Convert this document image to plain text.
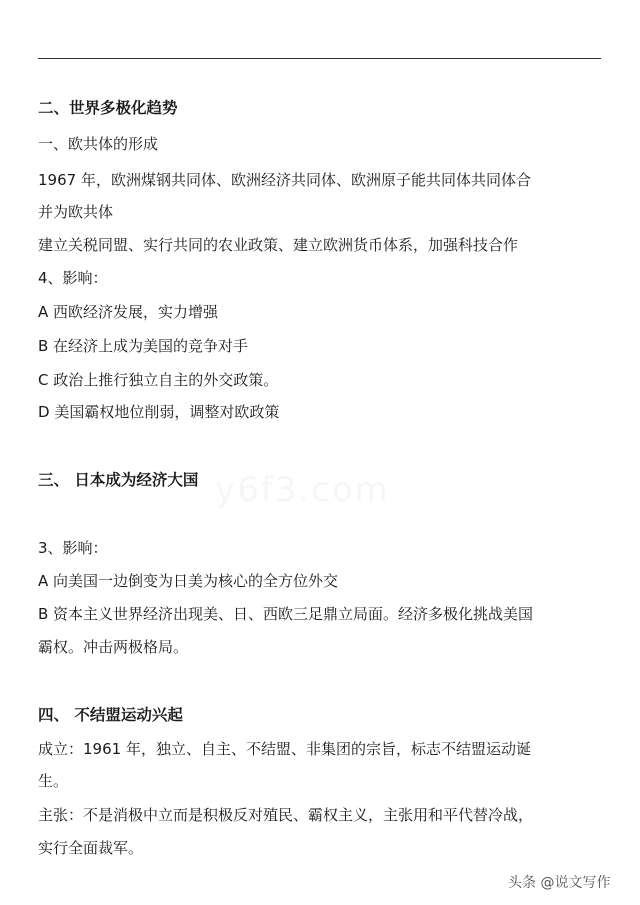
二、世界多极化趋势
一、欧共体的形成
1967 年，欧洲煤钢共同体、欧洲经济共同体、欧洲原子能共同体共同体合
并为欧共体
建立关税同盟、实行共同的农业政策、建立欧洲货币体系，加强科技合作
4、影响：
A 西欧经济发展，实力增强
B 在经济上成为美国的竞争对手
C 政治上推行独立自主的外交政策。
D 美国霸权地位削弱，调整对欧政策
三、 日本成为经济大国 y6f3.com
3、影响：
A 向美国一边倒变为日美为核心的全方位外交
B 资本主义世界经济出现美、日、西欧三足鼎立局面。经济多极化挑战美国
霸权。冲击两极格局。
四、 不结盟运动兴起
成立：1961 年，独立、自主、不结盟、非集团的宗旨，标志不结盟运动诞
生。
主张：不是消极中立而是积极反对殖民、霸权主义，主张用和平代替冷战，
实行全面裁军。
头条 @说文写作
